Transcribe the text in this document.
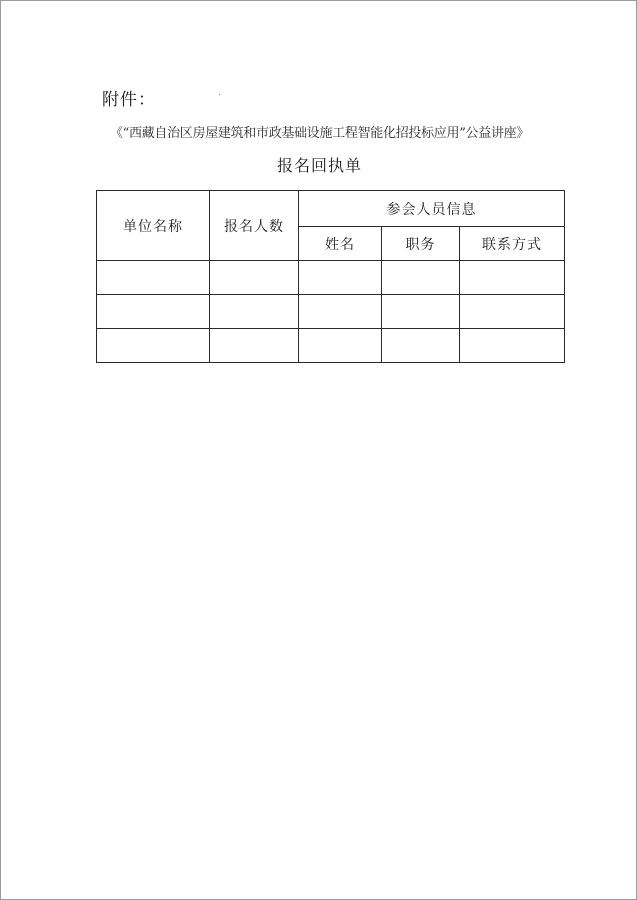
附件：
《“西藏自治区房屋建筑和市政基础设施工程智能化招投标应用”公益讲座》
报名回执单
单位名称	报名人数	参会人员信息		
		姓名	职务	联系方式
